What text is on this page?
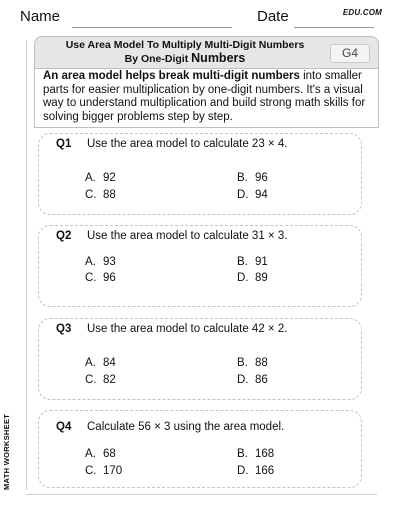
Name	Date	EDU.COM
Use Area Model To Multiply Multi-Digit Numbers
By One-Digit Numbers	G4
An area model helps break multi-digit numbers into smaller parts for easier multiplication by one-digit numbers. It's a visual way to understand multiplication and build strong math skills for solving bigger problems step by step.
Q1 Use the area model to calculate 23 × 4.
A. 92	B. 96
C. 88	D. 94
Q2 Use the area model to calculate 31 × 3.
A. 93	B. 91
C. 96	D. 89
Q3 Use the area model to calculate 42 × 2.
A. 84	B. 88
C. 82	D. 86
Q4 Calculate 56 × 3 using the area model.
A. 68	B. 168
C. 170	D. 166
MATH WORKSHEET
